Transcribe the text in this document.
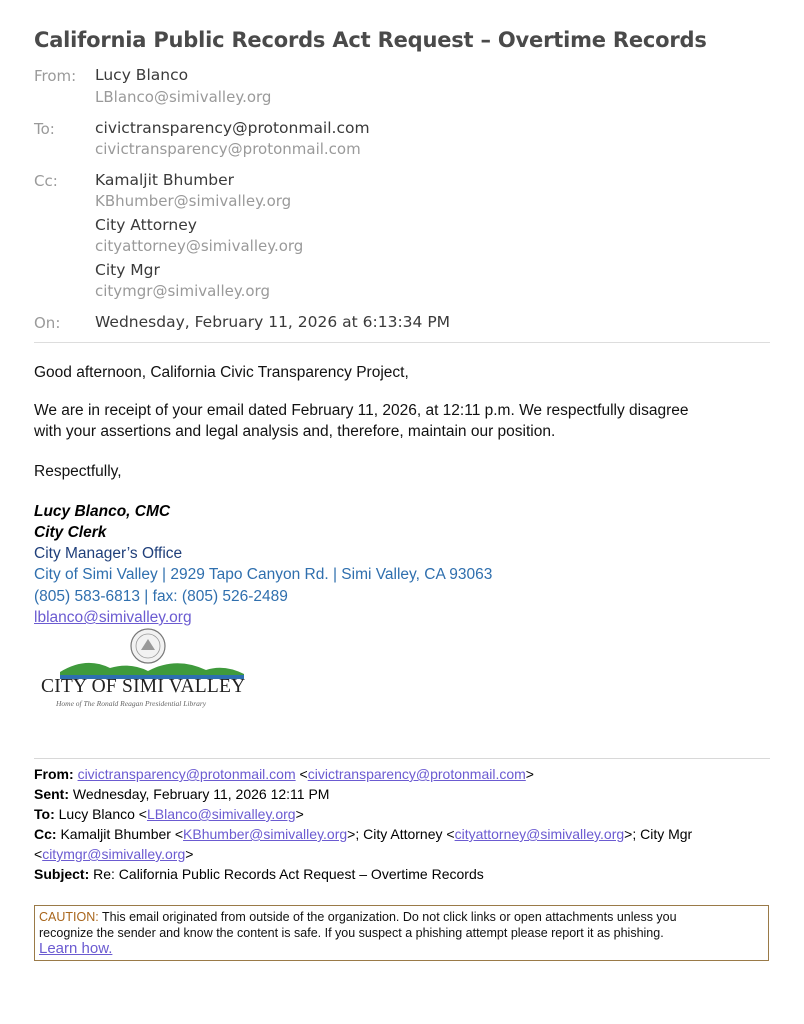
California Public Records Act Request – Overtime Records
From: Lucy Blanco
LBlanco@simivalley.org
To:	civictransparency@protonmail.com
civictransparency@protonmail.com
Cc: Kamaljit Bhumber
KBhumber@simivalley.org
City Attorney
cityattorney@simivalley.org
City Mgr
citymgr@simivalley.org
On: Wednesday, February 11, 2026 at 6:13:34 PM
Good afternoon, California Civic Transparency Project,
We are in receipt of your email dated February 11, 2026, at 12:11 p.m. We respectfully disagree
with your assertions and legal analysis and, therefore, maintain our position.
Respectfully,
Lucy Blanco, CMC
City Clerk
City Manager’s Office
City of Simi Valley | 2929 Tapo Canyon Rd. | Simi Valley, CA 93063
(805) 583-6813 | fax: (805) 526-2489
lblanco@simivalley.org
CITY OF SIMI VALLEY
Home of The Ronald Reagan Presidential Library
From: civictransparency@protonmail.com <civictransparency@protonmail.com>
Sent: Wednesday, February 11, 2026 12:11 PM
To: Lucy Blanco <LBlanco@simivalley.org>
Cc: Kamaljit Bhumber <KBhumber@simivalley.org>; City Attorney <cityattorney@simivalley.org>; City Mgr
<citymgr@simivalley.org>
Subject: Re: California Public Records Act Request – Overtime Records
CAUTION: This email originated from outside of the organization. Do not click links or open attachments unless you
recognize the sender and know the content is safe. If you suspect a phishing attempt please report it as phishing.
Learn how.
